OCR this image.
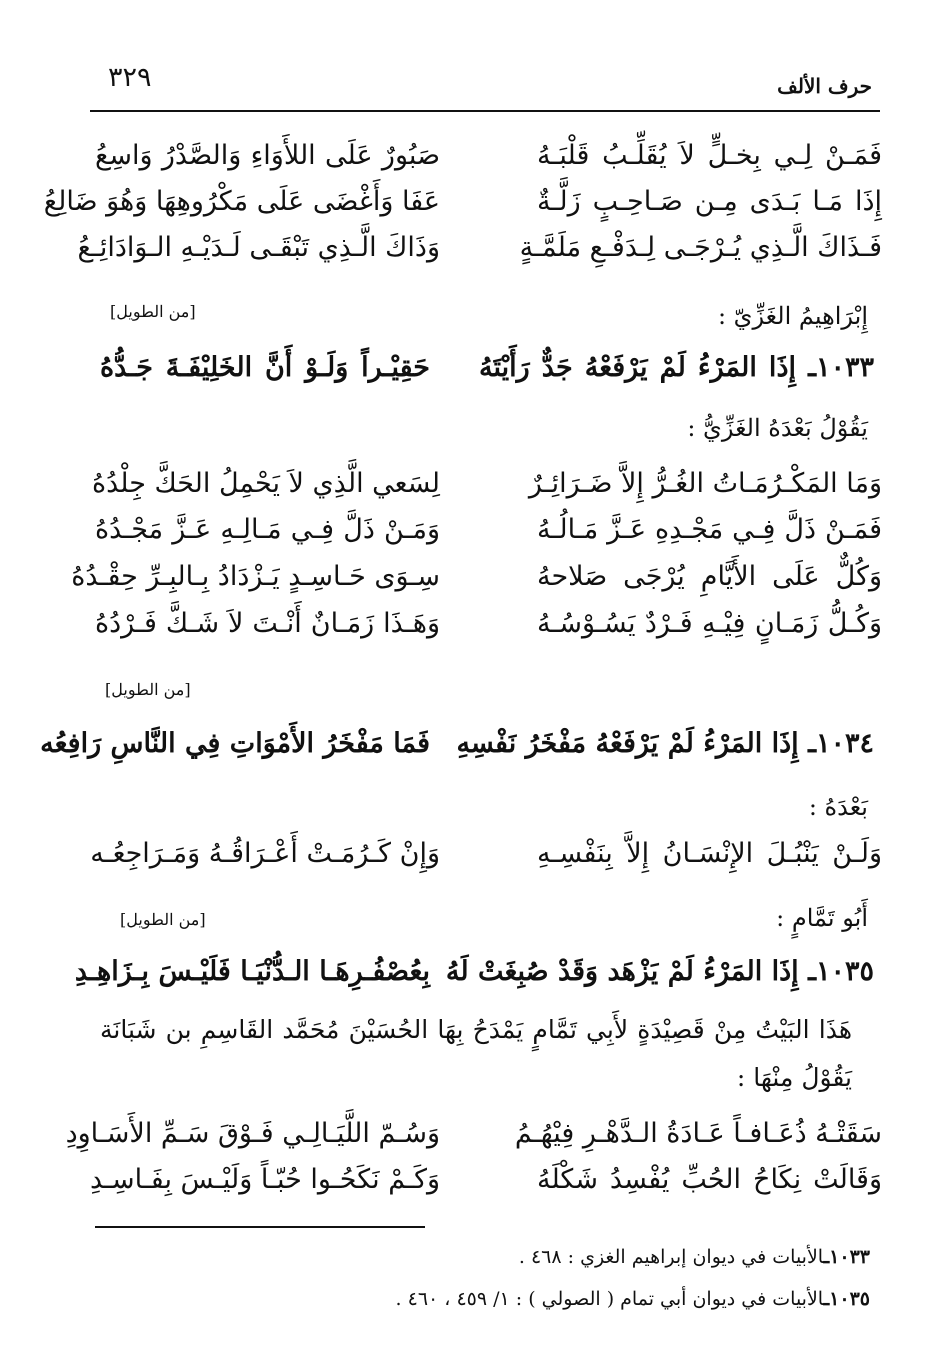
حرف الألف
٣٢٩
فَمَـنْ لِـي بِخـلٍّ لاَ يُقَلِّـبُ قَلْبَـهُ
صَبُورٌ عَلَى اللأَوَاءِ وَالصَّدْرُ وَاسِعُ
إِذَا مَـا بَـدَى مِـن صَـاحِـبٍ زَلَّـةٌ
عَفَا وَأَغْضَى عَلَى مَكْرُوهِهَا وَهُوَ ضَالِعُ
فَـذَاكَ الَّـذِي يُـرْجَـى لِـدَفْـعِ مَلَمَّـةٍ
وَذَاكَ الَّـذِي تَبْقَـى لَـدَيْـهِ الـوَادَائِـعُ
إِبْرَاهِيمُ الغَزِّيّ :
[من الطويل]
١٠٣٣ـ إِذَا المَرْءُ لَمْ يَرْفَعْهُ جَدٌّ رَأَيْتَهُ
حَقِيْـراً وَلَـوْ أَنَّ الخَلِيْفَـةَ جَـدُّهُ
يَقُوْلُ بَعْدَهُ الغَزِّيُّ :
وَمَا المَكْـرُمَـاتُ الغُـرُّ إِلاَّ ضَـرَائِـرٌ
لِسَعي الَّذِي لاَ يَحْمِلُ الحَكَّ جِلْدُهُ
فَمَـنْ ذَلَّ فِـي مَجْـدِهِ عَـزَّ مَـالُـهُ
وَمَـنْ ذَلَّ فِـي مَـالِـهِ عَـزَّ مَجْـدُهُ
وَكُلٌّ عَلَى الأَيَّامِ يُرْجَى صَلاحهُ
سِـوَى حَـاسِـدٍ يَـزْدَادُ بِـالبِـرِّ حِقْـدُهُ
وَكُـلُّ زَمَـانٍ فِيْـهِ فَـرْدٌ يَسُـوْسُـهُ
وَهَـذَا زَمَـانٌ أَنْـتَ لاَ شَـكَّ فَـرْدُهُ
[من الطويل]
١٠٣٤ـ إِذَا المَرْءُ لَمْ يَرْفَعْهُ مَفْخَرُ نَفْسِهِ
فَمَا مَفْخَرُ الأَمْوَاتِ فِي النَّاسِ رَافِعُه
بَعْدَهُ :
وَلَـنْ يَنْبُـلَ الإِنْسَـانُ إِلاَّ بِنَفْسِـهِ
وَإِنْ كَـرُمَـتْ أَعْـرَاقُـهُ وَمَـرَاجِعُـه
أَبُو تَمَّامٍ :
[من الطويل]
١٠٣٥ـ إِذَا المَرْءُ لَمْ يَزْهَد وَقَدْ صُبِغَتْ لَهُ
بِعُصْفُـرِهَـا الـدُّنْيَـا فَلَيْـسَ بِـزَاهِـدِ
هَذَا البَيْتُ مِنْ قَصِيْدَةٍ لأَبِي تَمَّامٍ يَمْدَحُ بِهَا الحُسَيْنَ مُحَمَّد القَاسِمِ بن شَبَانَة يَقُوْلُ مِنْهَا :
سَقَتْـهُ ذُعَـافـاً عَـادَةُ الـدَّهْـرِ فِيْهُـمُ
وَسُـمّ اللَّيَـالِـي فَـوْقَ سَـمِّ الأَسَـاوِدِ
وَقَالَتْ نِكَاحُ الحُبِّ يُفْسِدُ شَكْلَهُ
وَكَـمْ نَكَحُـوا حُبّـاً وَلَيْـسَ بِفَـاسِـدِ
١٠٣٣ـالأبيات في ديوان إبراهيم الغزي : ٤٦٨ .
١٠٣٥ـالأبيات في ديوان أبي تمام ( الصولي ) : ١/ ٤٥٩ ، ٤٦٠ .
